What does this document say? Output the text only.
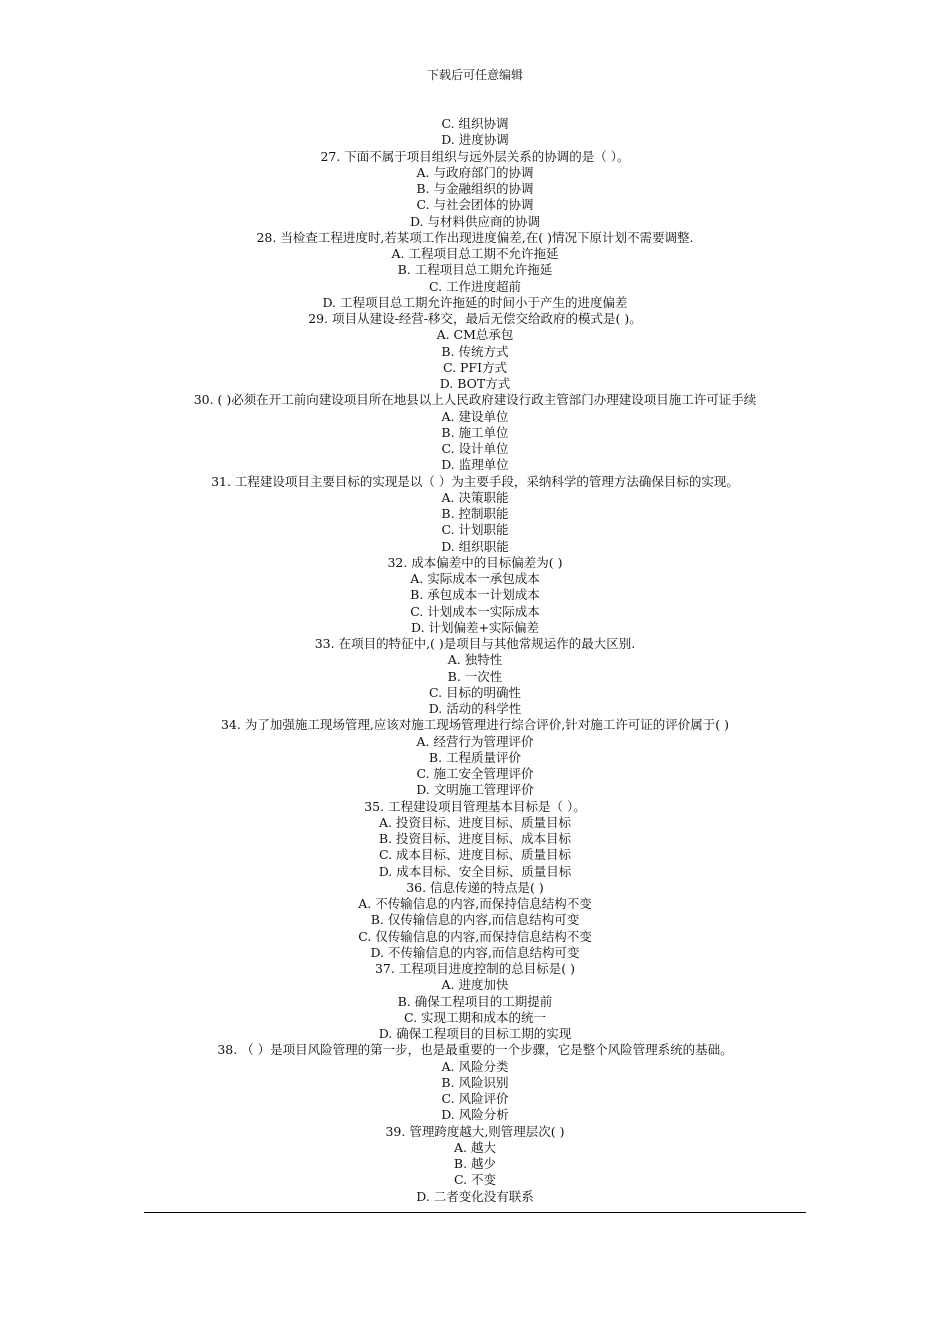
下载后可任意编辑
C. 组织协调
D. 进度协调
27. 下面不属于项目组织与远外层关系的协调的是（ ）。
A. 与政府部门的协调
B. 与金融组织的协调
C. 与社会团体的协调
D. 与材料供应商的协调
28. 当检查工程进度时,若某项工作出现进度偏差,在( )情况下原计划不需要调整.
A. 工程项目总工期不允许拖延
B. 工程项目总工期允许拖延
C. 工作进度超前
D. 工程项目总工期允许拖延的时间小于产生的进度偏差
29. 项目从建设-经营-移交，最后无偿交给政府的模式是( )。
A. CM总承包
B. 传统方式
C. PFI方式
D. BOT方式
30. ( )必须在开工前向建设项目所在地县以上人民政府建设行政主管部门办理建设项目施工许可证手续
A. 建设单位
B. 施工单位
C. 设计单位
D. 监理单位
31. 工程建设项目主要目标的实现是以（ ）为主要手段，采纳科学的管理方法确保目标的实现。
A. 决策职能
B. 控制职能
C. 计划职能
D. 组织职能
32. 成本偏差中的目标偏差为( )
A. 实际成本一承包成本
B. 承包成本一计划成本
C. 计划成本一实际成本
D. 计划偏差+实际偏差
33. 在项目的特征中,( )是项目与其他常规运作的最大区别.
A. 独特性
B. 一次性
C. 目标的明确性
D. 活动的科学性
34. 为了加强施工现场管理,应该对施工现场管理进行综合评价,针对施工许可证的评价属于( )
A. 经营行为管理评价
B. 工程质量评价
C. 施工安全管理评价
D. 文明施工管理评价
35. 工程建设项目管理基本目标是（ ）。
A. 投资目标、进度目标、质量目标
B. 投资目标、进度目标、成本目标
C. 成本目标、进度目标、质量目标
D. 成本目标、安全目标、质量目标
36. 信息传递的特点是( )
A. 不传输信息的内容,而保持信息结构不变
B. 仅传输信息的内容,而信息结构可变
C. 仅传输信息的内容,而保持信息结构不变
D. 不传输信息的内容,而信息结构可变
37. 工程项目进度控制的总目标是( )
A. 进度加快
B. 确保工程项目的工期提前
C. 实现工期和成本的统一
D. 确保工程项目的目标工期的实现
38. （ ）是项目风险管理的第一步，也是最重要的一个步骤，它是整个风险管理系统的基础。
A. 风险分类
B. 风险识别
C. 风险评价
D. 风险分析
39. 管理跨度越大,则管理层次( )
A. 越大
B. 越少
C. 不变
D. 二者变化没有联系
